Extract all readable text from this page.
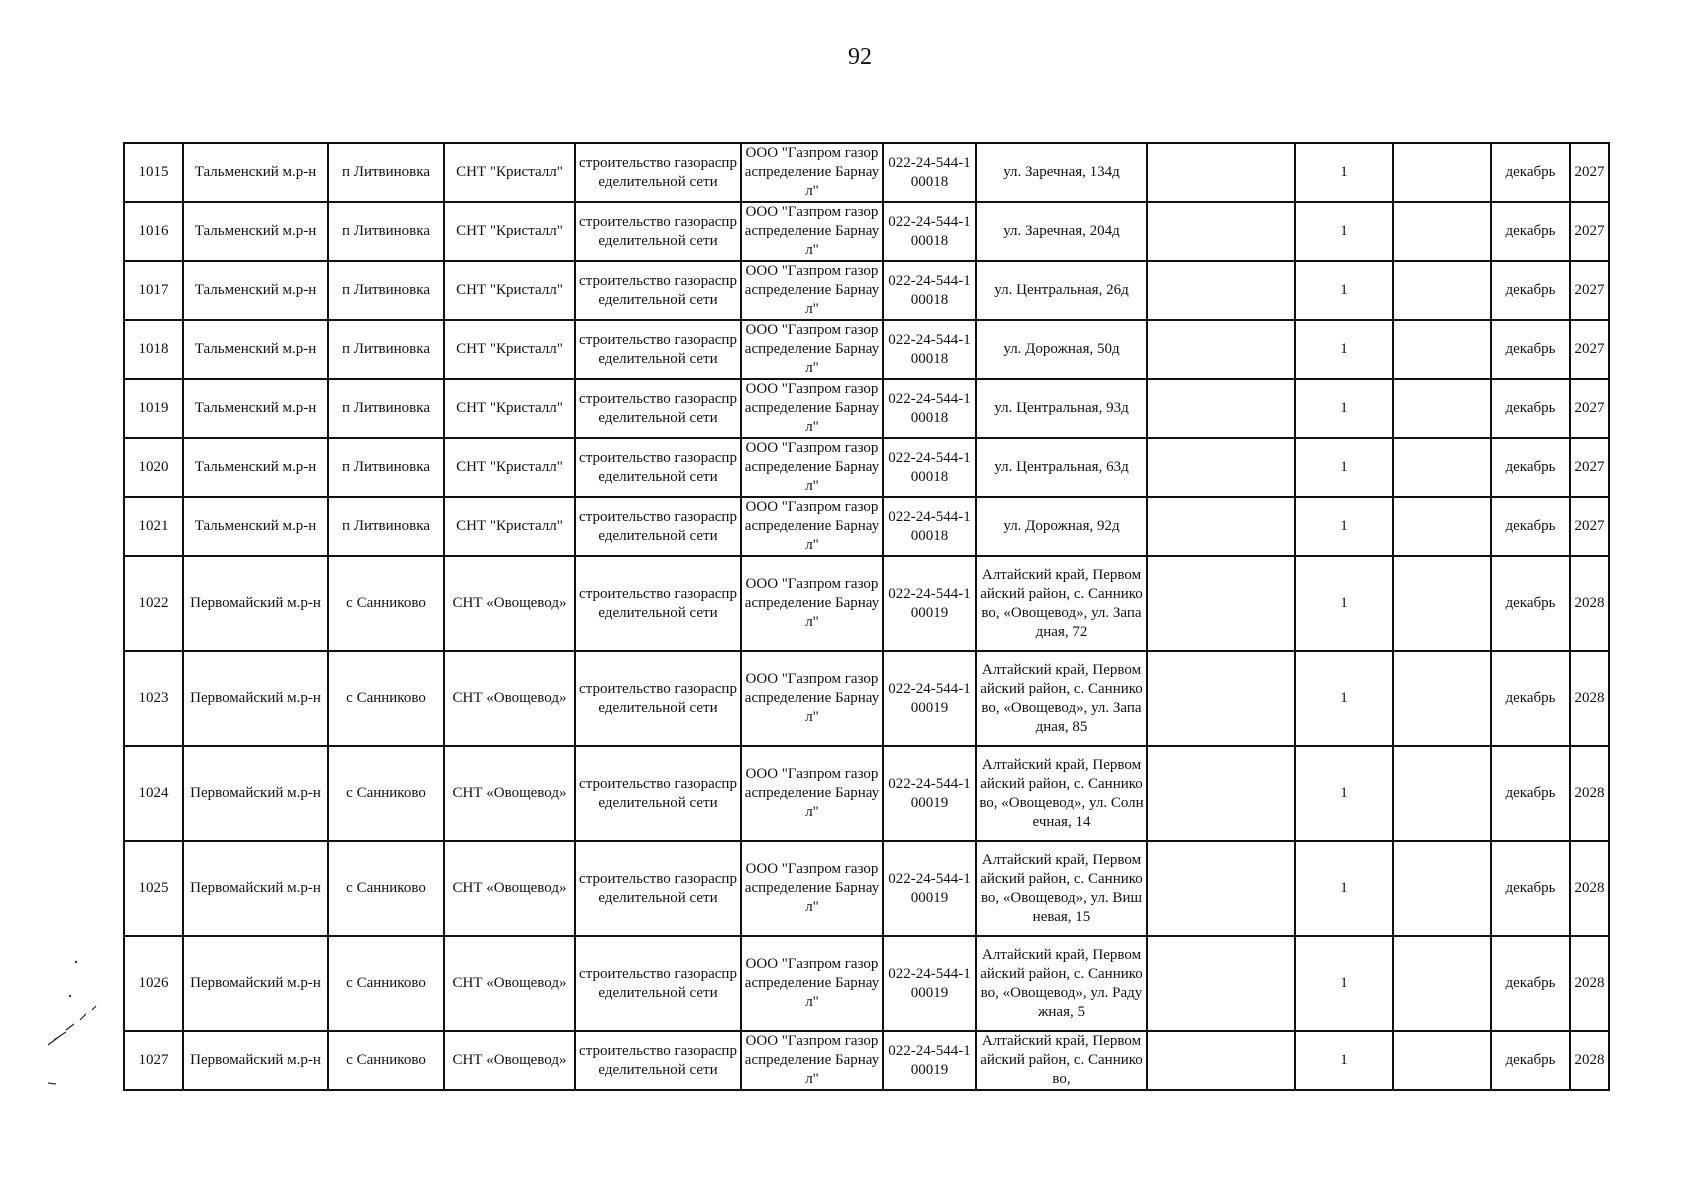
92
1015	Тальменский м.р-н	п Литвиновка	СНТ "Кристалл"	строительство газораспределительной сети	ООО "Газпром газораспределение Барнаул"	022-24-544-100018	ул. Заречная, 134д		1		декабрь	2027
1016	Тальменский м.р-н	п Литвиновка	СНТ "Кристалл"	строительство газораспределительной сети	ООО "Газпром газораспределение Барнаул"	022-24-544-100018	ул. Заречная, 204д		1		декабрь	2027
1017	Тальменский м.р-н	п Литвиновка	СНТ "Кристалл"	строительство газораспределительной сети	ООО "Газпром газораспределение Барнаул"	022-24-544-100018	ул. Центральная, 26д		1		декабрь	2027
1018	Тальменский м.р-н	п Литвиновка	СНТ "Кристалл"	строительство газораспределительной сети	ООО "Газпром газораспределение Барнаул"	022-24-544-100018	ул. Дорожная, 50д		1		декабрь	2027
1019	Тальменский м.р-н	п Литвиновка	СНТ "Кристалл"	строительство газораспределительной сети	ООО "Газпром газораспределение Барнаул"	022-24-544-100018	ул. Центральная, 93д		1		декабрь	2027
1020	Тальменский м.р-н	п Литвиновка	СНТ "Кристалл"	строительство газораспределительной сети	ООО "Газпром газораспределение Барнаул"	022-24-544-100018	ул. Центральная, 63д		1		декабрь	2027
1021	Тальменский м.р-н	п Литвиновка	СНТ "Кристалл"	строительство газораспределительной сети	ООО "Газпром газораспределение Барнаул"	022-24-544-100018	ул. Дорожная, 92д		1		декабрь	2027
1022	Первомайский м.р-н	с Санниково	СНТ «Овощевод»	строительство газораспределительной сети	ООО "Газпром газораспределение Барнаул"	022-24-544-100019	Алтайский край, Первомайский район, с. Санниково, «Овощевод», ул. Западная, 72		1		декабрь	2028
1023	Первомайский м.р-н	с Санниково	СНТ «Овощевод»	строительство газораспределительной сети	ООО "Газпром газораспределение Барнаул"	022-24-544-100019	Алтайский край, Первомайский район, с. Санниково, «Овощевод», ул. Западная, 85		1		декабрь	2028
1024	Первомайский м.р-н	с Санниково	СНТ «Овощевод»	строительство газораспределительной сети	ООО "Газпром газораспределение Барнаул"	022-24-544-100019	Алтайский край, Первомайский район, с. Санниково, «Овощевод», ул. Солнечная, 14		1		декабрь	2028
1025	Первомайский м.р-н	с Санниково	СНТ «Овощевод»	строительство газораспределительной сети	ООО "Газпром газораспределение Барнаул"	022-24-544-100019	Алтайский край, Первомайский район, с. Санниково, «Овощевод», ул. Вишневая, 15		1		декабрь	2028
1026	Первомайский м.р-н	с Санниково	СНТ «Овощевод»	строительство газораспределительной сети	ООО "Газпром газораспределение Барнаул"	022-24-544-100019	Алтайский край, Первомайский район, с. Санниково, «Овощевод», ул. Радужная, 5		1		декабрь	2028
1027	Первомайский м.р-н	с Санниково	СНТ «Овощевод»	строительство газораспределительной сети	ООО "Газпром газораспределение Барнаул"	022-24-544-100019	Алтайский край, Первомайский район, с. Санниково,		1		декабрь	2028
